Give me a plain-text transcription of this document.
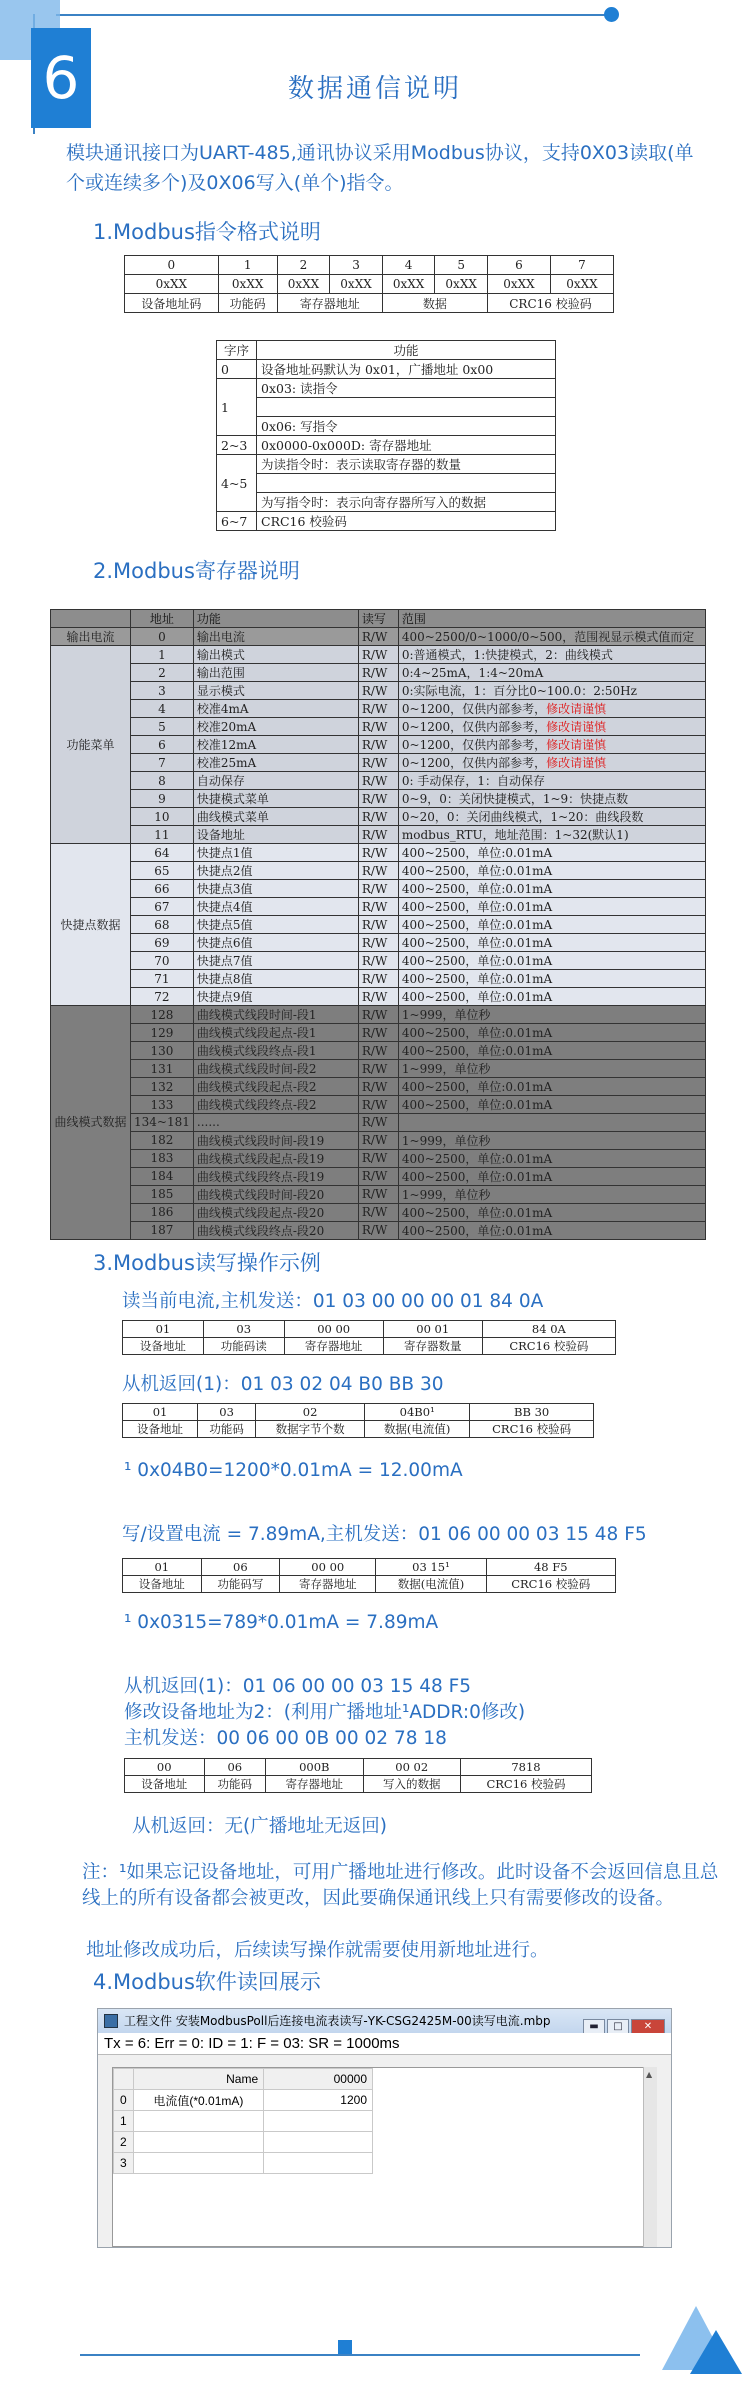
6	数据通信说明
模块通讯接口为UART-485,通讯协议采用Modbus协议，支持0X03读取(单个或连续多个)及0X06写入(单个)指令。
1.Modbus指令格式说明
0	1	2	3	4	5	6	7
0xXX	0xXX	0xXX	0xXX	0xXX	0xXX	0xXX	0xXX
设备地址码	功能码	寄存器地址		数据		CRC16 校验码	
字序	功能
0	设备地址码默认为 0x01，广播地址 0x00
1	0x03: 读指令

	0x06: 写指令
2~3	0x0000-0x000D: 寄存器地址
4~5	为读指令时：表示读取寄存器的数量

	为写指令时：表示向寄存器所写入的数据
6~7	CRC16 校验码
2.Modbus寄存器说明
	地址	功能	读写	范围
输出电流	0	输出电流	R/W	400~2500/0~1000/0~500，范围视显示模式值而定
功能菜单	1	输出模式	R/W	0:普通模式，1:快捷模式，2：曲线模式
	2	输出范围	R/W	0:4~25mA，1:4~20mA
	3	显示模式	R/W	0:实际电流，1：百分比0~100.0：2:50Hz
	4	校准4mA	R/W	0~1200，仅供内部参考，修改请谨慎
	5	校准20mA	R/W	0~1200，仅供内部参考，修改请谨慎
	6	校准12mA	R/W	0~1200，仅供内部参考，修改请谨慎
	7	校准25mA	R/W	0~1200，仅供内部参考，修改请谨慎
	8	自动保存	R/W	0: 手动保存，1：自动保存
	9	快捷模式菜单	R/W	0~9，0：关闭快捷模式，1~9：快捷点数
	10	曲线模式菜单	R/W	0~20，0：关闭曲线模式，1~20：曲线段数
	11	设备地址	R/W	modbus_RTU，地址范围：1~32(默认1)
快捷点数据	64	快捷点1值	R/W	400~2500，单位:0.01mA
	65	快捷点2值	R/W	400~2500，单位:0.01mA
	66	快捷点3值	R/W	400~2500，单位:0.01mA
	67	快捷点4值	R/W	400~2500，单位:0.01mA
	68	快捷点5值	R/W	400~2500，单位:0.01mA
	69	快捷点6值	R/W	400~2500，单位:0.01mA
	70	快捷点7值	R/W	400~2500，单位:0.01mA
	71	快捷点8值	R/W	400~2500，单位:0.01mA
	72	快捷点9值	R/W	400~2500，单位:0.01mA
曲线模式数据	128	曲线模式线段时间-段1	R/W	1~999，单位秒
	129	曲线模式线段起点-段1	R/W	400~2500，单位:0.01mA
	130	曲线模式线段终点-段1	R/W	400~2500，单位:0.01mA
	131	曲线模式线段时间-段2	R/W	1~999，单位秒
	132	曲线模式线段起点-段2	R/W	400~2500，单位:0.01mA
	133	曲线模式线段终点-段2	R/W	400~2500，单位:0.01mA
	134~181	......	R/W	
	182	曲线模式线段时间-段19	R/W	1~999，单位秒
	183	曲线模式线段起点-段19	R/W	400~2500，单位:0.01mA
	184	曲线模式线段终点-段19	R/W	400~2500，单位:0.01mA
	185	曲线模式线段时间-段20	R/W	1~999，单位秒
	186	曲线模式线段起点-段20	R/W	400~2500，单位:0.01mA
	187	曲线模式线段终点-段20	R/W	400~2500，单位:0.01mA
3.Modbus读写操作示例
读当前电流,主机发送：01 03 00 00 00 01 84 0A
01	03	00 00	00 01	84 0A
设备地址	功能码读	寄存器地址	寄存器数量	CRC16 校验码
从机返回(1)：01 03 02 04 B0 BB 30
01	03	02	04B0¹	BB 30
设备地址	功能码	数据字节个数	数据(电流值)	CRC16 校验码
¹ 0x04B0=1200*0.01mA = 12.00mA
写/设置电流 = 7.89mA,主机发送：01 06 00 00 03 15 48 F5
01	06	00 00	03 15¹	48 F5
设备地址	功能码写	寄存器地址	数据(电流值)	CRC16 校验码
¹ 0x0315=789*0.01mA = 7.89mA
从机返回(1)：01 06 00 00 03 15 48 F5
修改设备地址为2：(利用广播地址¹ADDR:0修改)
主机发送：00 06 00 0B 00 02 78 18
00	06	000B	00 02	7818
设备地址	功能码	寄存器地址	写入的数据	CRC16 校验码
从机返回：无(广播地址无返回)
注：¹如果忘记设备地址，可用广播地址进行修改。此时设备不会返回信息且总线上的所有设备都会被更改，因此要确保通讯线上只有需要修改的设备。
地址修改成功后，后续读写操作就需要使用新地址进行。
4.Modbus软件读回展示
工程文件 安装ModbusPoll后连接电流表读写-YK-CSG2425M-00读写电流.mbp	▬ □ ✕
Tx = 6: Err = 0: ID = 1: F = 03: SR = 1000ms
	Name	00000
0	电流值(*0.01mA)	1200
1		
2		
3		
▲
